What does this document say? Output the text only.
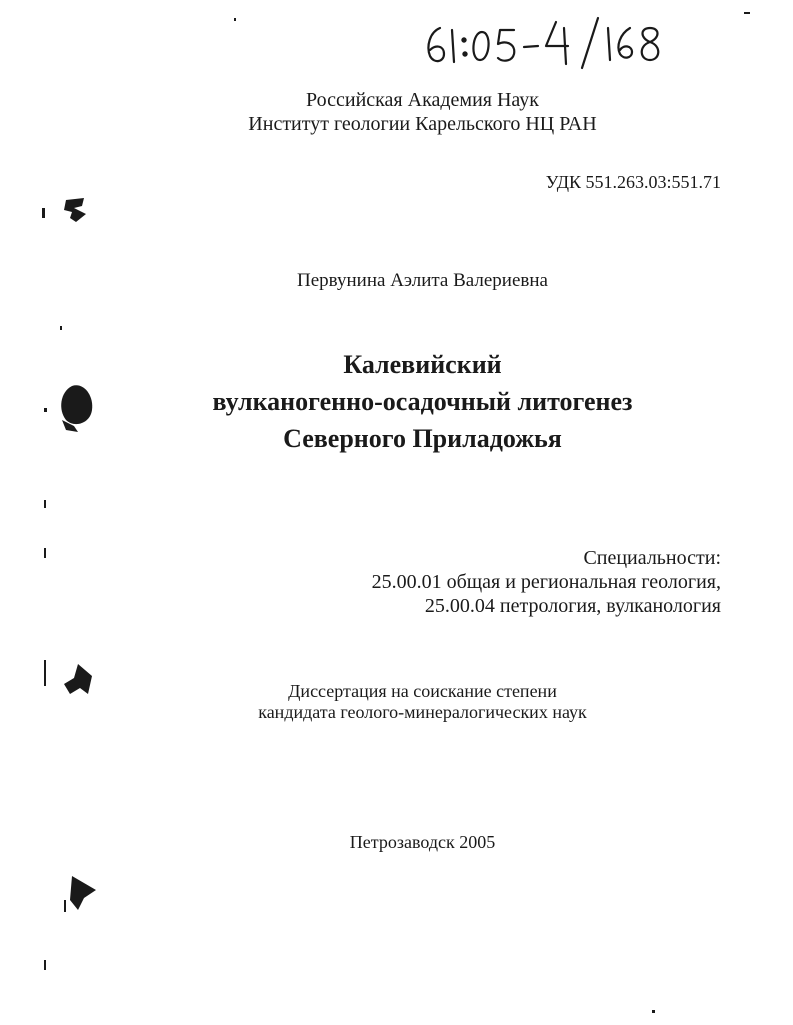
Российская Академия Наук
Институт геологии Карельского НЦ РАН
УДК 551.263.03:551.71
Первунина Аэлита Валериевна
Калевийский
вулканогенно-осадочный литогенез
Северного Приладожья
Специальности:
25.00.01 общая и региональная геология,
25.00.04 петрология, вулканология
Диссертация на соискание степени
кандидата геолого-минералогических наук
Петрозаводск 2005
